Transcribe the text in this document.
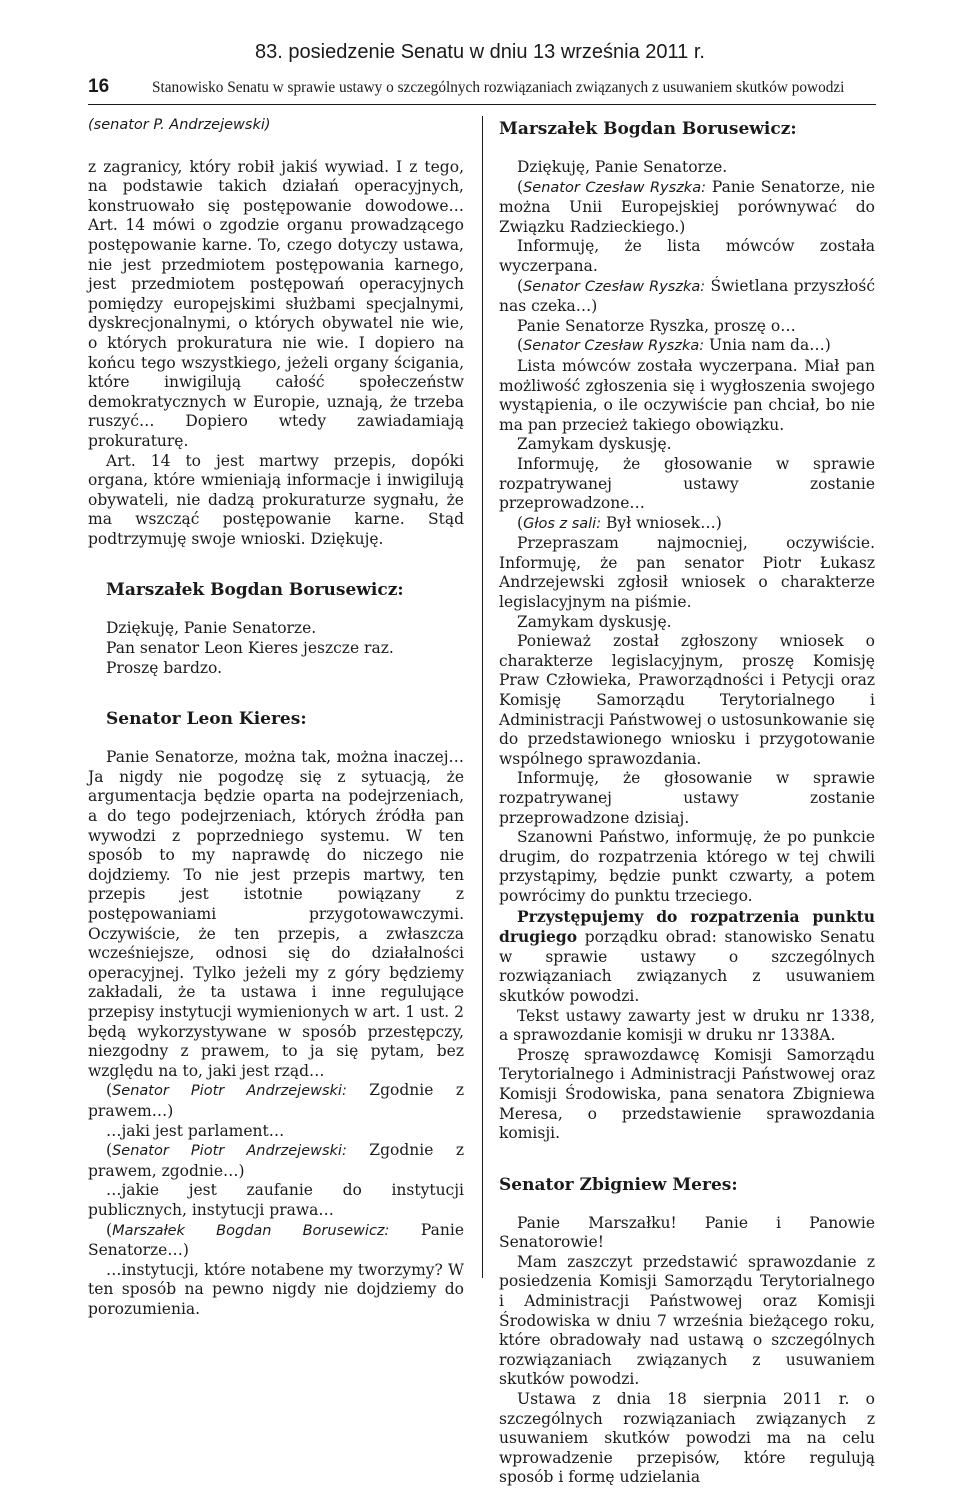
83. posiedzenie Senatu w dniu 13 września 2011 r.
16	Stanowisko Senatu w sprawie ustawy o szczególnych rozwiązaniach związanych z usuwaniem skutków powodzi

(senator P. Andrzejewski)

z zagranicy, który robił jakiś wywiad. I z tego, na podstawie takich działań operacyjnych, konstruowało się postępowanie dowodowe… Art. 14 mówi o zgodzie organu prowadzącego postępowanie karne. To, czego dotyczy ustawa, nie jest przedmiotem postępowania karnego, jest przedmiotem postępowań operacyjnych pomiędzy europejskimi służbami specjalnymi, dyskrecjonalnymi, o których obywatel nie wie, o których prokuratura nie wie. I dopiero na końcu tego wszystkiego, jeżeli organy ścigania, które inwigilują całość społeczeństw demokratycznych w Europie, uznają, że trzeba ruszyć… Dopiero wtedy zawiadamiają prokuraturę.

Art. 14 to jest martwy przepis, dopóki organa, które wmieniają informacje i inwigilują obywateli, nie dadzą prokuraturze sygnału, że ma wszcząć postępowanie karne. Stąd podtrzymuję swoje wnioski. Dziękuję.

Marszałek Bogdan Borusewicz:

Dziękuję, Panie Senatorze.

Pan senator Leon Kieres jeszcze raz.

Proszę bardzo.

Senator Leon Kieres:

Panie Senatorze, można tak, można inaczej… Ja nigdy nie pogodzę się z sytuacją, że argumentacja będzie oparta na podejrzeniach, a do tego podejrzeniach, których źródła pan wywodzi z poprzedniego systemu. W ten sposób to my naprawdę do niczego nie dojdziemy. To nie jest przepis martwy, ten przepis jest istotnie powiązany z postępowaniami przygotowawczymi. Oczywiście, że ten przepis, a zwłaszcza wcześniejsze, odnosi się do działalności operacyjnej. Tylko jeżeli my z góry będziemy zakładali, że ta ustawa i inne regulujące przepisy instytucji wymienionych w art. 1 ust. 2 będą wykorzystywane w sposób przestępczy, niezgodny z prawem, to ja się pytam, bez względu na to, jaki jest rząd…

(Senator Piotr Andrzejewski: Zgodnie z prawem…)

…jaki jest parlament…

(Senator Piotr Andrzejewski: Zgodnie z prawem, zgodnie…)

…jakie jest zaufanie do instytucji publicznych, instytucji prawa…

(Marszałek Bogdan Borusewicz: Panie Senatorze…)

…instytucji, które notabene my tworzymy? W ten sposób na pewno nigdy nie dojdziemy do porozumienia.

Marszałek Bogdan Borusewicz:

Dziękuję, Panie Senatorze.

(Senator Czesław Ryszka: Panie Senatorze, nie można Unii Europejskiej porównywać do Związku Radzieckiego.)

Informuję, że lista mówców została wyczerpana.

(Senator Czesław Ryszka: Świetlana przyszłość nas czeka…)

Panie Senatorze Ryszka, proszę o…

(Senator Czesław Ryszka: Unia nam da…)

Lista mówców została wyczerpana. Miał pan możliwość zgłoszenia się i wygłoszenia swojego wystąpienia, o ile oczywiście pan chciał, bo nie ma pan przecież takiego obowiązku.

Zamykam dyskusję.

Informuję, że głosowanie w sprawie rozpatrywanej ustawy zostanie przeprowadzone…

(Głos z sali: Był wniosek…)

Przepraszam najmocniej, oczywiście. Informuję, że pan senator Piotr Łukasz Andrzejewski zgłosił wniosek o charakterze legislacyjnym na piśmie.

Zamykam dyskusję.

Ponieważ został zgłoszony wniosek o charakterze legislacyjnym, proszę Komisję Praw Człowieka, Praworządności i Petycji oraz Komisję Samorządu Terytorialnego i Administracji Państwowej o ustosunkowanie się do przedstawionego wniosku i przygotowanie wspólnego sprawozdania.

Informuję, że głosowanie w sprawie rozpatrywanej ustawy zostanie przeprowadzone dzisiaj.

Szanowni Państwo, informuję, że po punkcie drugim, do rozpatrzenia którego w tej chwili przystąpimy, będzie punkt czwarty, a potem powrócimy do punktu trzeciego.

Przystępujemy do rozpatrzenia punktu drugiego porządku obrad: stanowisko Senatu w sprawie ustawy o szczególnych rozwiązaniach związanych z usuwaniem skutków powodzi.

Tekst ustawy zawarty jest w druku nr 1338, a sprawozdanie komisji w druku nr 1338A.

Proszę sprawozdawcę Komisji Samorządu Terytorialnego i Administracji Państwowej oraz Komisji Środowiska, pana senatora Zbigniewa Meresa, o przedstawienie sprawozdania komisji.

Senator Zbigniew Meres:

Panie Marszałku! Panie i Panowie Senatorowie!

Mam zaszczyt przedstawić sprawozdanie z posiedzenia Komisji Samorządu Terytorialnego i Administracji Państwowej oraz Komisji Środowiska w dniu 7 września bieżącego roku, które obradowały nad ustawą o szczególnych rozwiązaniach związanych z usuwaniem skutków powodzi.

Ustawa z dnia 18 sierpnia 2011 r. o szczególnych rozwiązaniach związanych z usuwaniem skutków powodzi ma na celu wprowadzenie przepisów, które regulują sposób i formę udzielania
